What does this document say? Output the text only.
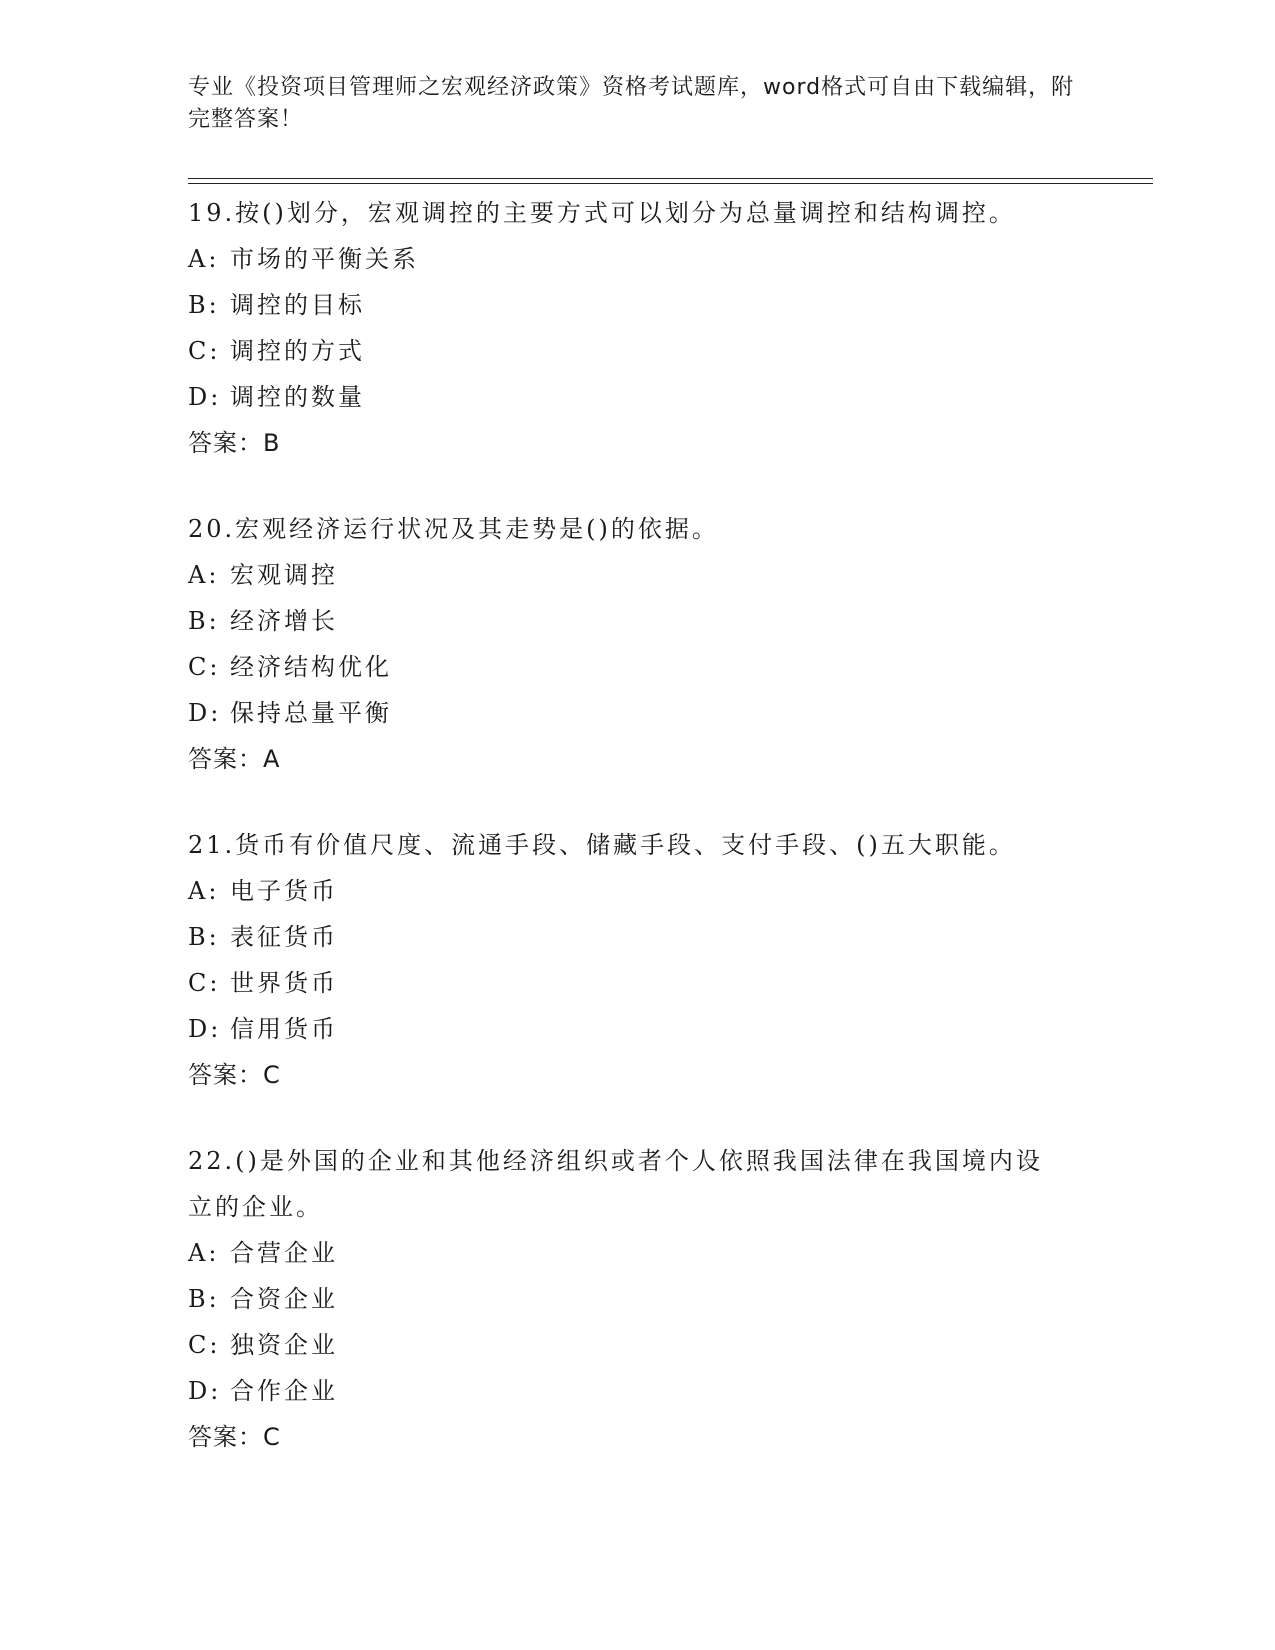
专业《投资项目管理师之宏观经济政策》资格考试题库，word格式可自由下载编辑，附完整答案！

19.按()划分，宏观调控的主要方式可以划分为总量调控和结构调控。

A: 市场的平衡关系

B: 调控的目标

C: 调控的方式

D: 调控的数量

答案：B

20.宏观经济运行状况及其走势是()的依据。

A: 宏观调控

B: 经济增长

C: 经济结构优化

D: 保持总量平衡

答案：A

21.货币有价值尺度、流通手段、储藏手段、支付手段、()五大职能。

A: 电子货币

B: 表征货币

C: 世界货币

D: 信用货币

答案：C

22.()是外国的企业和其他经济组织或者个人依照我国法律在我国境内设立的企业。

A: 合营企业

B: 合资企业

C: 独资企业

D: 合作企业

答案：C
